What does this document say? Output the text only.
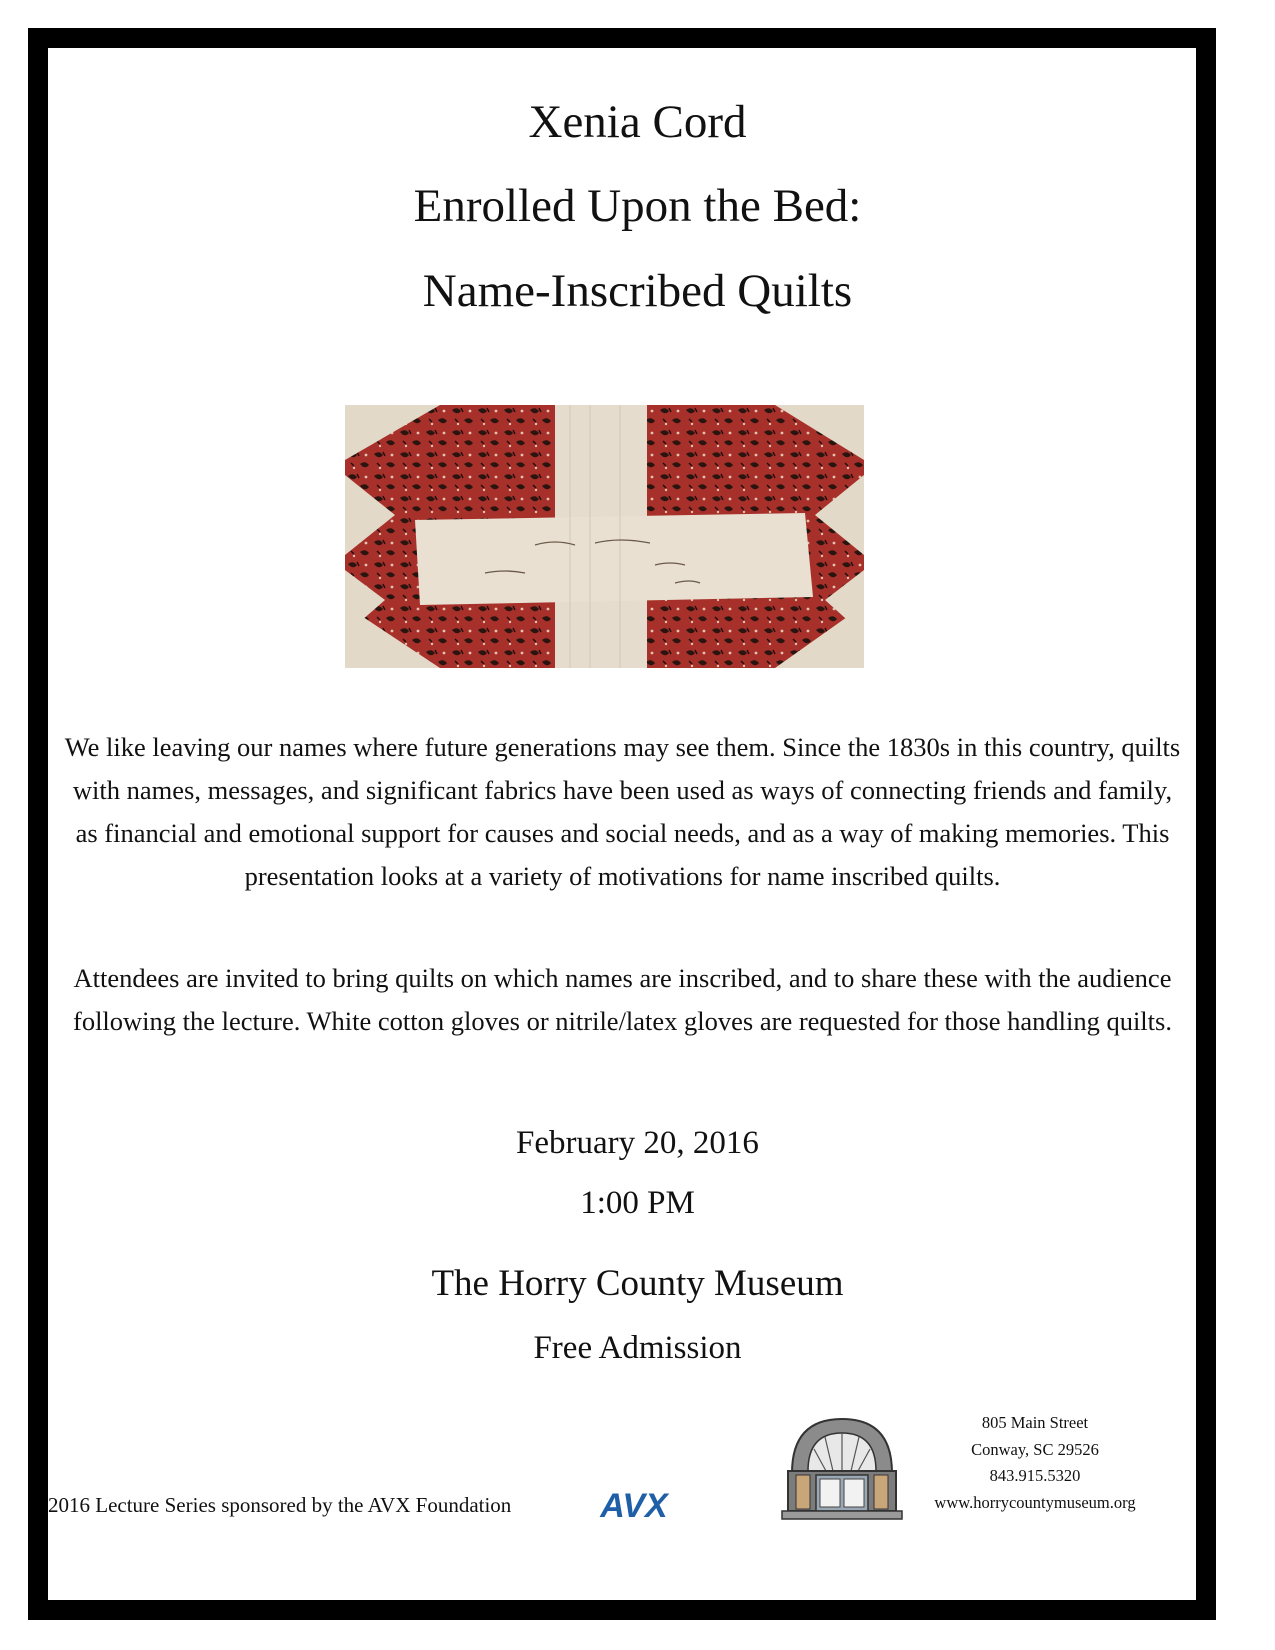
Xenia Cord
Enrolled Upon the Bed:
Name-Inscribed Quilts

We like leaving our names where future generations may see them. Since the 1830s in this country, quilts with names, messages, and significant fabrics have been used as ways of connecting friends and family, as financial and emotional support for causes and social needs, and as a way of making memories. This presentation looks at a variety of motivations for name inscribed quilts.

Attendees are invited to bring quilts on which names are inscribed, and to share these with the audience following the lecture. White cotton gloves or nitrile/latex gloves are requested for those handling quilts.

February 20, 2016
1:00 PM
The Horry County Museum
Free Admission
805 Main Street
Conway, SC 29526
843.915.5320
www.horrycountymuseum.org
2016 Lecture Series sponsored by the AVX Foundation	AVX
